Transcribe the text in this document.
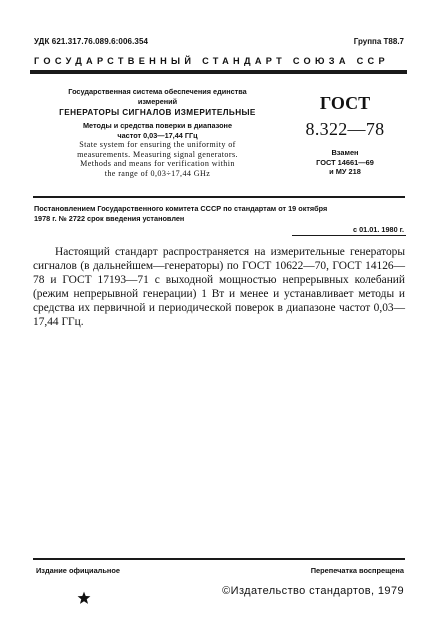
УДК 621.317.76.089.6:006.354	Группа Т88.7
ГОСУДАРСТВЕННЫЙ СТАНДАРТ СОЮЗА ССР
Государственная система обеспечения единства
измерений
ГЕНЕРАТОРЫ СИГНАЛОВ ИЗМЕРИТЕЛЬНЫЕ
Методы и средства поверки в диапазоне
частот 0,03—17,44 ГГц
State system for ensuring the uniformity of
measurements. Measuring signal generators.
Methods and means for verification within
the range of 0,03÷17,44 GHz
ГОСТ
8.322—78
Взамен
ГОСТ 14661—69
и МУ 218
Постановлением Государственного комитета СССР по стандартам от 19 октября
1978 г. № 2722 срок введения установлен
с 01.01. 1980 г.
Настоящий стандарт распространяется на измерительные генераторы сигналов (в дальнейшем—генераторы) по ГОСТ 10622—70, ГОСТ 14126—78 и ГОСТ 17193—71 с выходной мощностью непрерывных колебаний (режим непрерывной генерации) 1 Вт и менее и устанавливает методы и средства их первичной и периодической поверок в диапазоне частот 0,03—17,44 ГГц.
Издание официальное	Перепечатка воспрещена
©Издательство стандартов, 1979
